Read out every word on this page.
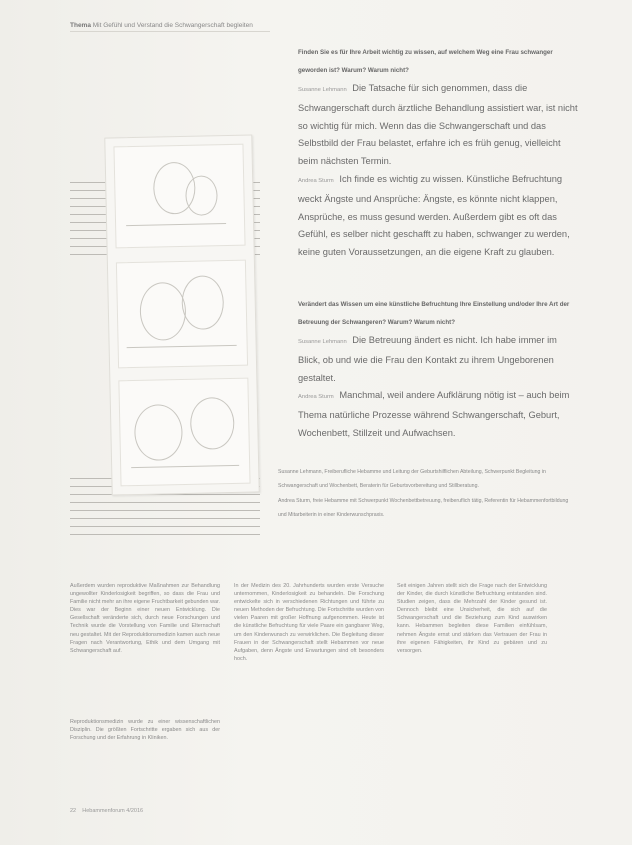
Thema Mit Gefühl und Verstand die Schwangerschaft begleiten
Finden Sie es für Ihre Arbeit wichtig zu wissen, auf welchem Weg eine Frau schwanger geworden ist? Warum? Warum nicht?
Susanne Lehmann Die Tatsache für sich genommen, dass die Schwangerschaft durch ärztliche Behandlung assistiert war, ist nicht so wichtig für mich. Wenn das die Schwangerschaft und das Selbstbild der Frau belastet, erfahre ich es früh genug, vielleicht beim nächsten Termin.
Andrea Sturm Ich finde es wichtig zu wissen. Künstliche Befruchtung weckt Ängste und Ansprüche: Ängste, es könnte nicht klappen, Ansprüche, es muss gesund werden. Außerdem gibt es oft das Gefühl, es selber nicht geschafft zu haben, schwanger zu werden, keine guten Voraussetzungen, an die eigene Kraft zu glauben.
Verändert das Wissen um eine künstliche Befruchtung Ihre Einstellung und/oder Ihre Art der Betreuung der Schwangeren? Warum? Warum nicht?
Susanne Lehmann Die Betreuung ändert es nicht. Ich habe immer im Blick, ob und wie die Frau den Kontakt zu ihrem Ungeborenen gestaltet.
Andrea Sturm Manchmal, weil andere Aufklärung nötig ist – auch beim Thema natürliche Prozesse während Schwangerschaft, Geburt, Wochenbett, Stillzeit und Aufwachsen.
Susanne Lehmann, Freiberufliche Hebamme und Leitung der Geburtshilflichen Abteilung, Schwerpunkt Begleitung in Schwangerschaft und Wochenbett, Beraterin für Geburtsvorbereitung und Stillberatung.
Andrea Sturm, freie Hebamme mit Schwerpunkt Wochenbettbetreuung, freiberuflich tätig, Referentin für Hebammenfortbildung und Mitarbeiterin in einer Kinderwunschpraxis.
Außerdem wurden reproduktive Maßnahmen zur Behandlung ungewollter Kinderlosigkeit begriffen, so dass die Frau und Familie nicht mehr an ihre eigene Fruchtbarkeit gebunden war. Dies war der Beginn einer neuen Entwicklung. Die Gesellschaft veränderte sich, durch neue Forschungen und Technik wurde die Vorstellung von Familie und Elternschaft neu gestaltet. Mit der Reproduktionsmedizin kamen auch neue Fragen nach Verantwortung, Ethik und dem Umgang mit Schwangerschaft auf.
Reproduktionsmedizin wurde zu einer wissenschaftlichen Disziplin. Die größten Fortschritte ergaben sich aus der Forschung und der Erfahrung in Kliniken.
In der Medizin des 20. Jahrhunderts wurden erste Versuche unternommen, Kinderlosigkeit zu behandeln. Die Forschung entwickelte sich in verschiedenen Richtungen und führte zu neuen Methoden der Befruchtung. Die Fortschritte wurden von vielen Paaren mit großer Hoffnung aufgenommen. Heute ist die künstliche Befruchtung für viele Paare ein gangbarer Weg, um den Kinderwunsch zu verwirklichen. Die Begleitung dieser Frauen in der Schwangerschaft stellt Hebammen vor neue Aufgaben, denn Ängste und Erwartungen sind oft besonders hoch.
Seit einigen Jahren stellt sich die Frage nach der Entwicklung der Kinder, die durch künstliche Befruchtung entstanden sind. Studien zeigen, dass die Mehrzahl der Kinder gesund ist. Dennoch bleibt eine Unsicherheit, die sich auf die Schwangerschaft und die Beziehung zum Kind auswirken kann. Hebammen begleiten diese Familien einfühlsam, nehmen Ängste ernst und stärken das Vertrauen der Frau in ihre eigenen Fähigkeiten, ihr Kind zu gebären und zu versorgen.
22 Hebammenforum 4/2016
